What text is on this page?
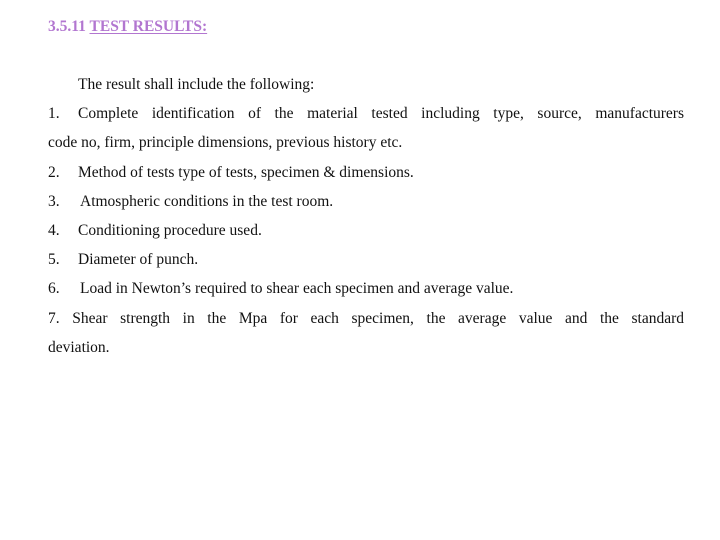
3.5.11 TEST RESULTS:
The result shall include the following:
1.	Complete identification of the material tested including type, source, manufacturers
code no, firm, principle dimensions, previous history etc.
2.	Method of tests type of tests, specimen & dimensions.
3.	Atmospheric conditions in the test room.
4.	Conditioning procedure used.
5.	Diameter of punch.
6.	Load in Newton’s required to shear each specimen and average value.
7. Shear strength in the Mpa for each specimen, the average value and the standard
deviation.
